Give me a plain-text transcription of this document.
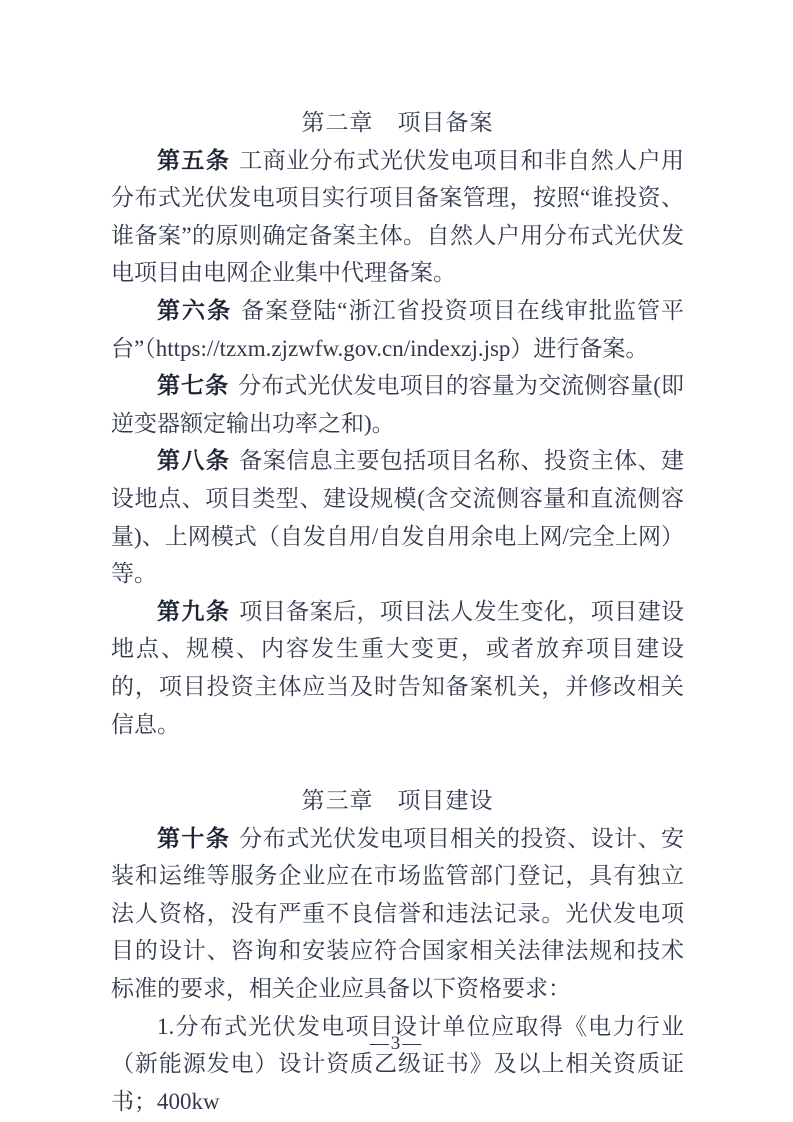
第二章　项目备案

第五条 工商业分布式光伏发电项目和非自然人户用分布式光伏发电项目实行项目备案管理，按照“谁投资、谁备案”的原则确定备案主体。自然人户用分布式光伏发电项目由电网企业集中代理备案。

第六条 备案登陆“浙江省投资项目在线审批监管平台”（https://tzxm.zjzwfw.gov.cn/indexzj.jsp）进行备案。

第七条 分布式光伏发电项目的容量为交流侧容量(即逆变器额定输出功率之和)。

第八条 备案信息主要包括项目名称、投资主体、建设地点、项目类型、建设规模(含交流侧容量和直流侧容量)、上网模式（自发自用/自发自用余电上网/完全上网）等。

第九条 项目备案后，项目法人发生变化，项目建设地点、规模、内容发生重大变更，或者放弃项目建设的，项目投资主体应当及时告知备案机关，并修改相关信息。

第三章　项目建设

第十条 分布式光伏发电项目相关的投资、设计、安装和运维等服务企业应在市场监管部门登记，具有独立法人资格，没有严重不良信誉和违法记录。光伏发电项目的设计、咨询和安装应符合国家相关法律法规和技术标准的要求，相关企业应具备以下资格要求：

1.分布式光伏发电项目设计单位应取得《电力行业（新能源发电）设计资质乙级证书》及以上相关资质证书；400kw

—3—
